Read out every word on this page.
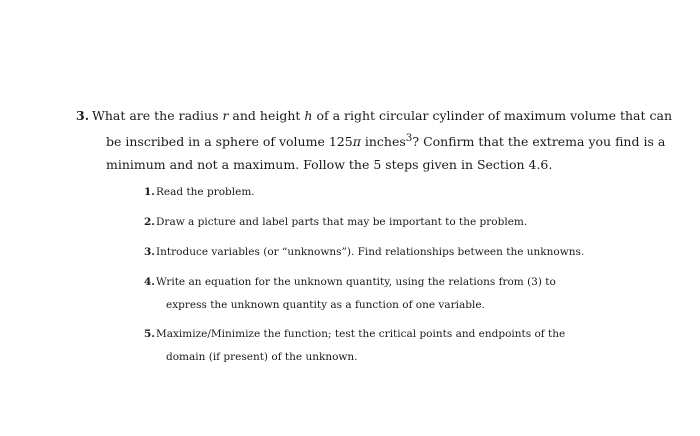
3. What are the radius r and height h of a right circular cylinder of maximum volume that can
be inscribed in a sphere of volume 125π inches$^3$? Confirm that the extrema you find is a
minimum and not a maximum. Follow the 5 steps given in Section 4.6.
1. Read the problem.
2. Draw a picture and label parts that may be important to the problem.
3. Introduce variables (or “unknowns”). Find relationships between the unknowns.
4. Write an equation for the unknown quantity, using the relations from (3) to
express the unknown quantity as a function of one variable.
5. Maximize/Minimize the function; test the critical points and endpoints of the
domain (if present) of the unknown.
